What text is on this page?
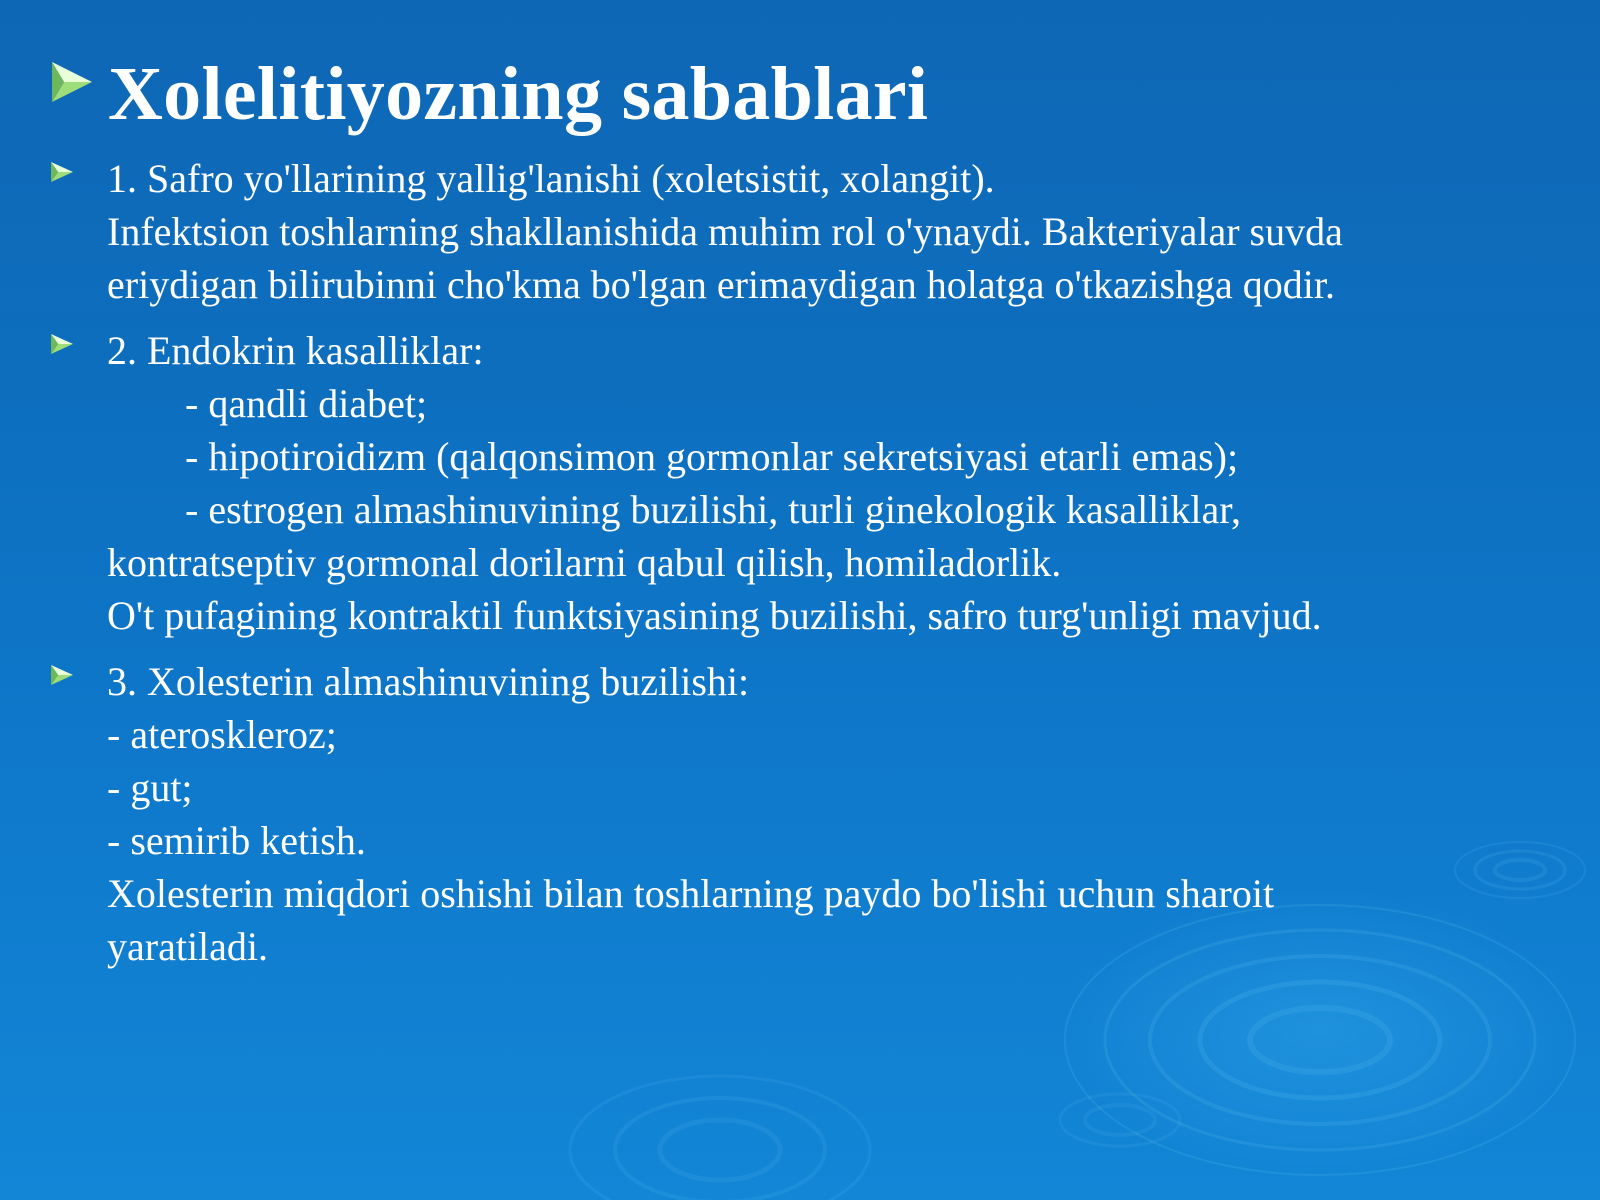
Xolelitiyozning sabablari
1. Safro yo'llarining yallig'lanishi (xoletsistit, xolangit).
Infektsion toshlarning shakllanishida muhim rol o'ynaydi. Bakteriyalar suvda
eriydigan bilirubinni cho'kma bo'lgan erimaydigan holatga o'tkazishga qodir.
2. Endokrin kasalliklar:
- qandli diabet;
- hipotiroidizm (qalqonsimon gormonlar sekretsiyasi etarli emas);
- estrogen almashinuvining buzilishi, turli ginekologik kasalliklar,
kontratseptiv gormonal dorilarni qabul qilish, homiladorlik.
O't pufagining kontraktil funktsiyasining buzilishi, safro turg'unligi mavjud.
3. Xolesterin almashinuvining buzilishi:
- ateroskleroz;
- gut;
- semirib ketish.
Xolesterin miqdori oshishi bilan toshlarning paydo bo'lishi uchun sharoit
yaratiladi.
